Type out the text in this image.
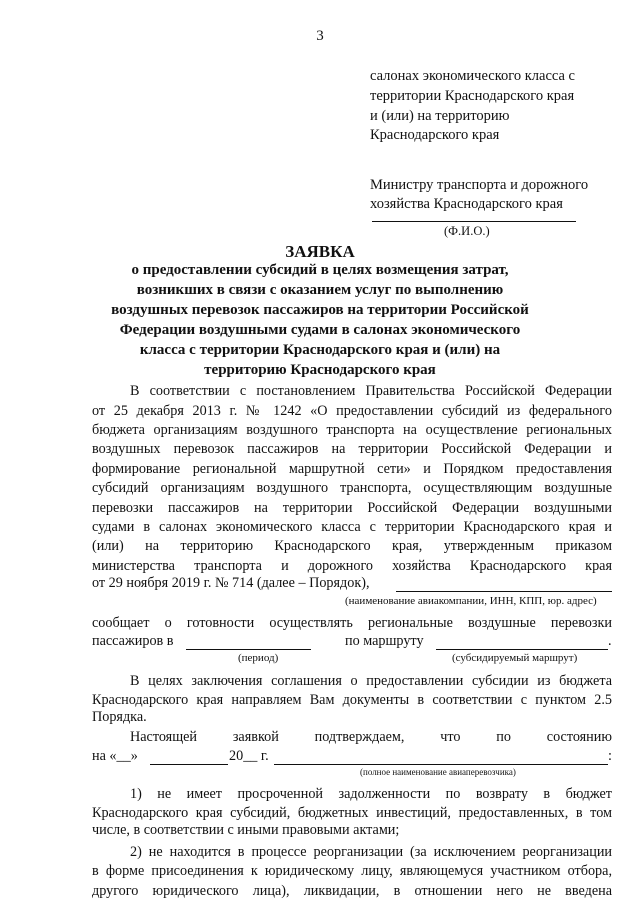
3
салонах экономического класса с
территории Краснодарского края
и (или) на территорию
Краснодарского края
Министру транспорта и дорожного
хозяйства Краснодарского края
(Ф.И.О.)
ЗАЯВКА
о предоставлении субсидий в целях возмещения затрат,
возникших в связи с оказанием услуг по выполнению
воздушных перевозок пассажиров на территории Российской
Федерации воздушными судами в салонах экономического
класса с территории Краснодарского края и (или) на
территорию Краснодарского края
В соответствии с постановлением Правительства Российской Федерации
от 25 декабря 2013 г. № 1242 «О предоставлении субсидий из федерального
бюджета организациям воздушного транспорта на осуществление региональных
воздушных перевозок пассажиров на территории Российской Федерации и
формирование региональной маршрутной сети» и Порядком предоставления
субсидий организациям воздушного транспорта, осуществляющим воздушные
перевозки пассажиров на территории Российской Федерации воздушными
судами в салонах экономического класса с территории Краснодарского края и
(или) на территорию Краснодарского края, утвержденным приказом
министерства транспорта и дорожного хозяйства Краснодарского края
от 29 ноября 2019 г. № 714 (далее – Порядок),
(наименование авиакомпании, ИНН, КПП, юр. адрес)
сообщает о готовности осуществлять региональные воздушные перевозки
пассажиров в	по маршруту	.
(период)	(субсидируемый маршрут)
В целях заключения соглашения о предоставлении субсидии из бюджета
Краснодарского края направляем Вам документы в соответствии с пунктом 2.5
Порядка.
Настоящей	заявкой	подтверждаем,	что	по	состоянию
на «__»	20__ г.	:
(полное наименование авиаперевозчика)
1) не имеет просроченной задолженности по возврату в бюджет
Краснодарского края субсидий, бюджетных инвестиций, предоставленных, в том
числе, в соответствии с иными правовыми актами;
2) не находится в процессе реорганизации (за исключением реорганизации
в форме присоединения к юридическому лицу, являющемуся участником отбора,
другого юридического лица), ликвидации, в отношении него не введена
